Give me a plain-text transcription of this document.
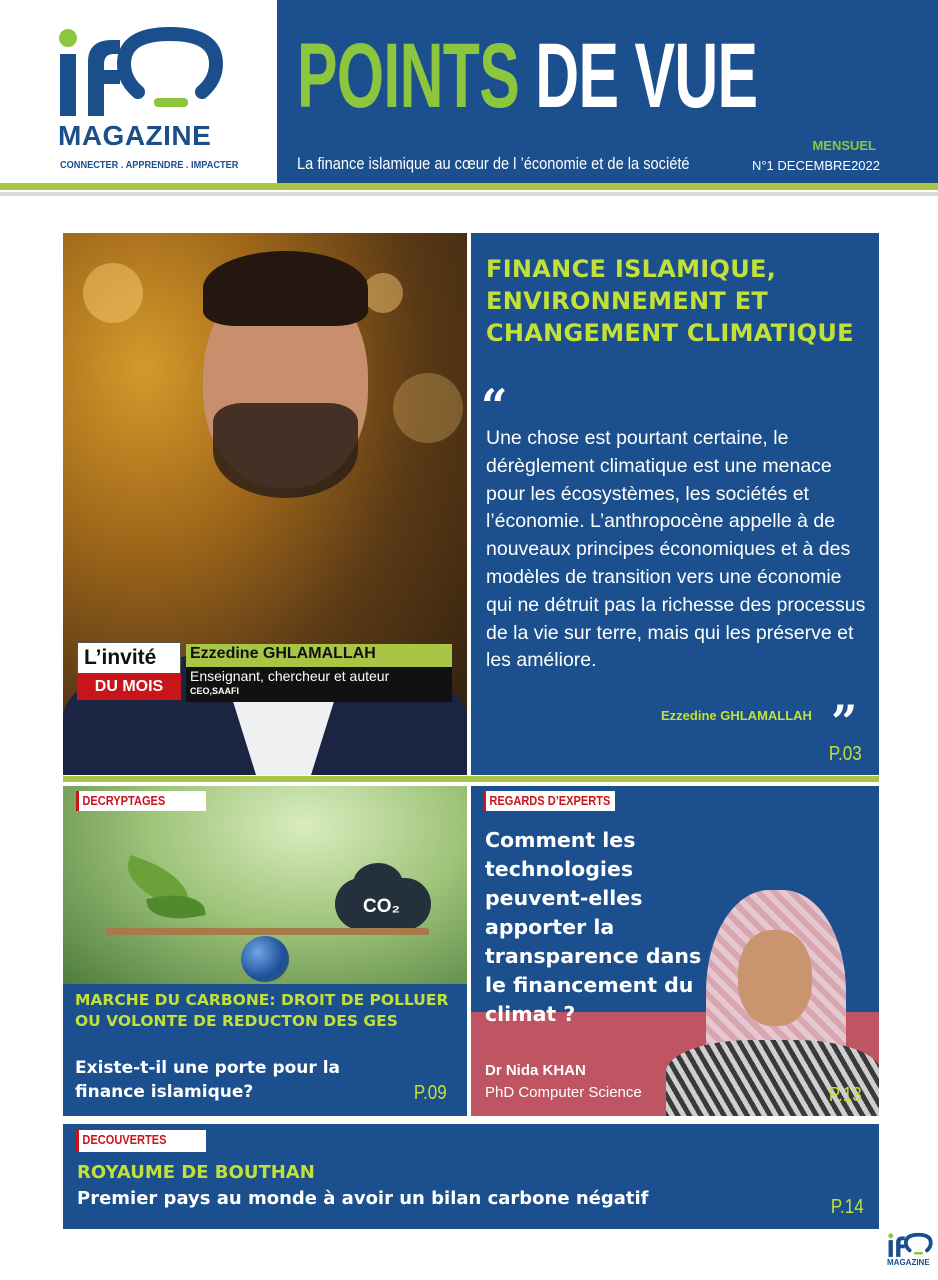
MAGAZINE
CONNECTER . APPRENDRE . IMPACTER
POINTS DE VUE
MENSUEL
La finance islamique au cœur de l ’économie et de la société	N°1 DECEMBRE2022
L’invité
DU MOIS
Ezzedine GHLAMALLAH
Enseignant, chercheur et auteur
CEO,SAAFI
FINANCE ISLAMIQUE, ENVIRONNEMENT ET CHANGEMENT CLIMATIQUE
“
Une chose est pourtant certaine, le dérèglement climatique est une menace pour les écosystèmes, les sociétés et l’économie. L’anthropocène appelle à de nouveaux principes économiques et à des modèles de transition vers une économie qui ne détruit pas la richesse des processus de la vie sur terre, mais qui les préserve et les améliore.
Ezzedine GHLAMALLAH ”
P.03
CO₂
MARCHE DU CARBONE: DROIT DE POLLUER OU VOLONTE DE REDUCTON DES GES
Existe-t-il une porte pour la finance islamique?	P.09
DECRYPTAGES
Comment les technologies peuvent-elles apporter la transparence dans le financement du climat ?
Dr Nida KHAN
PhD Computer Science	P.13
REGARDS D’EXPERTS
ROYAUME DE BOUTHAN
Premier pays au monde à avoir un bilan carbone négatif	P.14
DECOUVERTES
MAGAZINE
